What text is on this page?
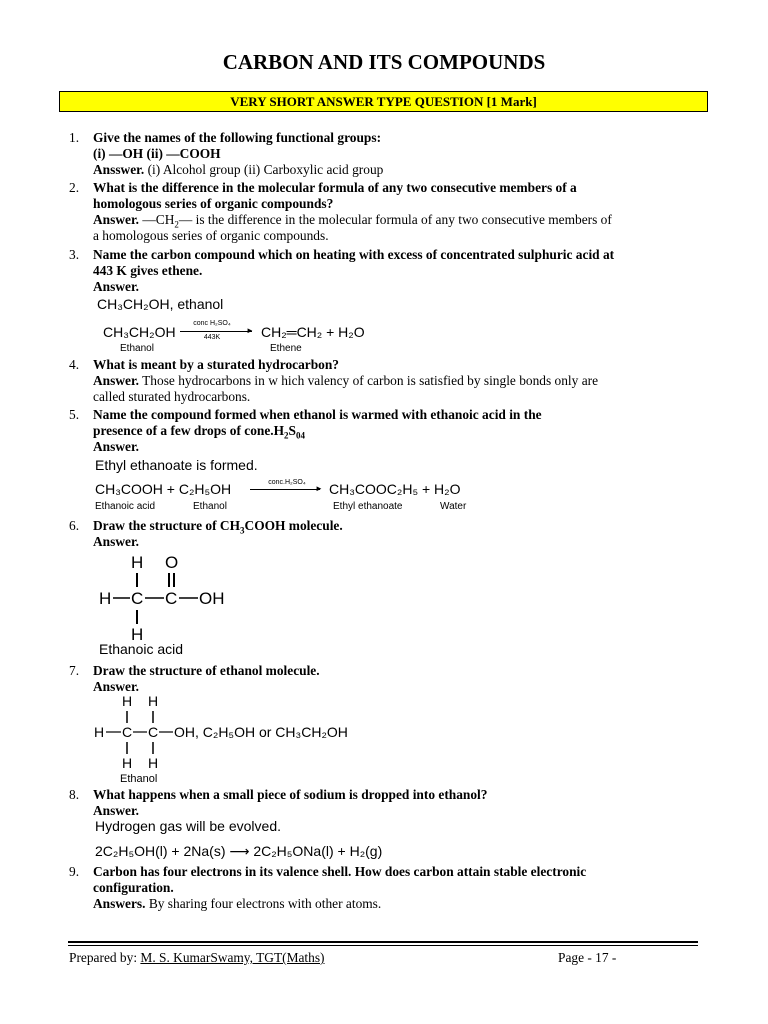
CARBON AND ITS COMPOUNDS
VERY SHORT ANSWER TYPE QUESTION [1 Mark]
1. Give the names of the following functional groups:
(i) —OH (ii) —COOH
Ansswer. (i) Alcohol group (ii) Carboxylic acid group
2. What is the difference in the molecular formula of any two consecutive members of a
homologous series of organic compounds?
Answer. $—CH_2—$ is the difference in the molecular formula of any two consecutive members of
a homologous series of organic compounds.
3. Name the carbon compound which on heating with excess of concentrated sulphuric acid at
443 K gives ethene.
Answer.
CH₃CH₂OH, ethanol
CH₃CH₂OH
conc H₂SO₄
►
443K	CH₂═CH₂ + H₂O
Ethanol	Ethene
4. What is meant by a sturated hydrocarbon?
Answer. Those hydrocarbons in w hich valency of carbon is satisfied by single bonds only are
called sturated hydrocarbons.
5. Name the compound formed when ethanol is warmed with ethanoic acid in the
presence of a few drops of $cone.H_2S_{04}$
Answer.
Ethyl ethanoate is formed.
CH₃COOH + C₂H₅OH	conc.H₂SO₄
► CH₃COOC₂H₅ + H₂O
Ethanoic acid	Ethanol	Ethyl ethanoate	Water
6. Draw the structure of $CH_3COOH$ molecule.
Answer.
H O
H C C OH
H
Ethanoic acid
7. Draw the structure of ethanol molecule.
Answer.
H H
H C C OH, C₂H₅OH or CH₃CH₂OH
H H
Ethanol
8. What happens when a small piece of sodium is dropped into ethanol?
Answer.
Hydrogen gas will be evolved.
2C₂H₅OH(l) + 2Na(s) ⟶ 2C₂H₅ONa(l) + H₂(g)
9. Carbon has four electrons in its valence shell. How does carbon attain stable electronic
configuration.
Answers. By sharing four electrons with other atoms.
Prepared by: M. S. KumarSwamy, TGT(Maths)	Page - 17 -
